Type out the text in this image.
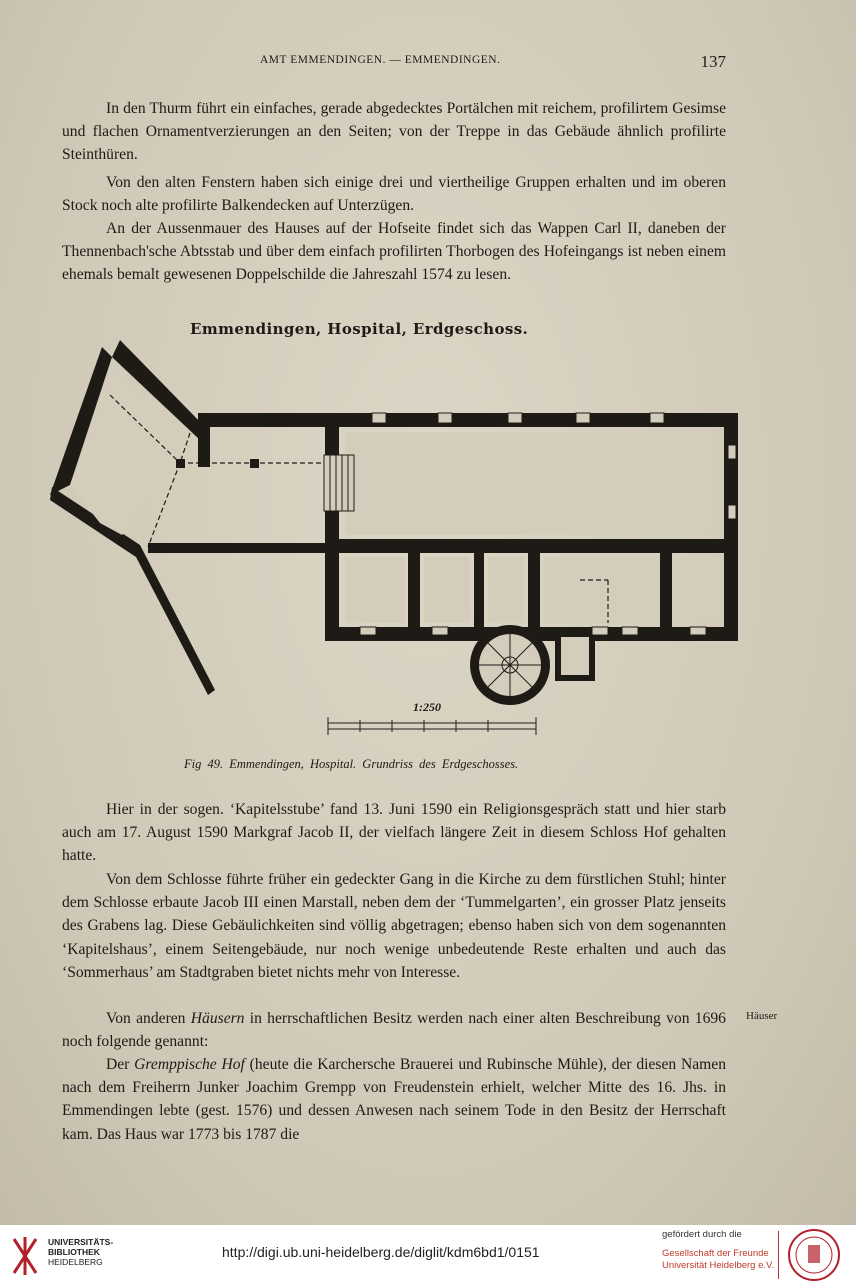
AMT EMMENDINGEN. — EMMENDINGEN.	137

In den Thurm führt ein einfaches, gerade abgedecktes Portälchen mit reichem, profilirtem Gesimse und flachen Ornamentverzierungen an den Seiten; von der Treppe in das Gebäude ähnlich profilirte Steinthüren.

Von den alten Fenstern haben sich einige drei und viertheilige Gruppen erhalten und im oberen Stock noch alte profilirte Balkendecken auf Unterzügen.

An der Aussenmauer des Hauses auf der Hofseite findet sich das Wappen Carl II, daneben der Thennenbach'sche Abtsstab und über dem einfach profilirten Thorbogen des Hofeingangs ist neben einem ehemals bemalt gewesenen Doppelschilde die Jahreszahl 1574 zu lesen.

Emmendingen, Hospital, Erdgeschoss.
1:250
Fig 49. Emmendingen, Hospital. Grundriss des Erdgeschosses.

Hier in der sogen. ‘Kapitelsstube’ fand 13. Juni 1590 ein Religionsgespräch statt und hier starb auch am 17. August 1590 Markgraf Jacob II, der vielfach längere Zeit in diesem Schloss Hof gehalten hatte.

Von dem Schlosse führte früher ein gedeckter Gang in die Kirche zu dem fürstlichen Stuhl; hinter dem Schlosse erbaute Jacob III einen Marstall, neben dem der ‘Tummelgarten’, ein grosser Platz jenseits des Grabens lag. Diese Gebäulichkeiten sind völlig abgetragen; ebenso haben sich von dem sogenannten ‘Kapitelshaus’, einem Seitengebäude, nur noch wenige unbedeutende Reste erhalten und auch das ‘Sommerhaus’ am Stadtgraben bietet nichts mehr von Interesse.

Von anderen Häusern in herrschaftlichen Besitz werden nach einer alten Beschreibung von 1696 noch folgende genannt:

Der Gremppische Hof (heute die Karchersche Brauerei und Rubinsche Mühle), der diesen Namen nach dem Freiherrn Junker Joachim Grempp von Freudenstein erhielt, welcher Mitte des 16. Jhs. in Emmendingen lebte (gest. 1576) und dessen Anwesen nach seinem Tode in den Besitz der Herrschaft kam. Das Haus war 1773 bis 1787 die

Häuser
UNIVERSITÄTS-
BIBLIOTHEK
HEIDELBERG
http://digi.ub.uni-heidelberg.de/diglit/kdm6bd1/0151
gefördert durch die
Gesellschaft der Freunde
Universität Heidelberg e.V.
